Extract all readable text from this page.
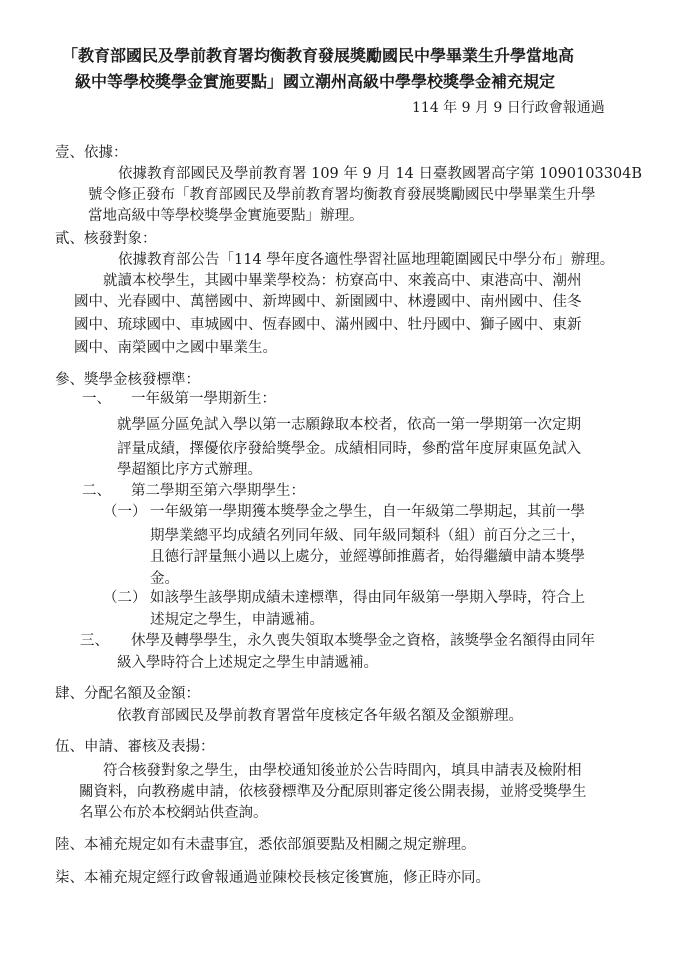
「教育部國民及學前教育署均衡教育發展獎勵國民中學畢業生升學當地高
級中等學校獎學金實施要點」國立潮州高級中學學校獎學金補充規定
114 年 9 月 9 日行政會報通過
壹、依據：
依據教育部國民及學前教育署 109 年 9 月 14 日臺教國署高字第 1090103304B
號令修正發布「教育部國民及學前教育署均衡教育發展獎勵國民中學畢業生升學
當地高級中等學校獎學金實施要點」辦理。
貳、核發對象：
依據教育部公告「114 學年度各適性學習社區地理範圍國民中學分布」辦理。
就讀本校學生，其國中畢業學校為：枋寮高中、來義高中、東港高中、潮州
國中、光春國中、萬巒國中、新埤國中、新園國中、林邊國中、南州國中、佳冬
國中、琉球國中、車城國中、恆春國中、滿州國中、牡丹國中、獅子國中、東新
國中、南榮國中之國中畢業生。
參、獎學金核發標準：
一、 一年級第一學期新生：
就學區分區免試入學以第一志願錄取本校者，依高一第一學期第一次定期
評量成績，擇優依序發給獎學金。成績相同時，參酌當年度屏東區免試入
學超額比序方式辦理。
二、 第二學期至第六學期學生：
（一） 一年級第一學期獲本獎學金之學生，自一年級第二學期起，其前一學
期學業總平均成績名列同年級、同年級同類科（組）前百分之三十，
且德行評量無小過以上處分，並經導師推薦者，始得繼續申請本獎學
金。
（二） 如該學生該學期成績未達標準，得由同年級第一學期入學時，符合上
述規定之學生，申請遞補。
三、 休學及轉學學生，永久喪失領取本獎學金之資格，該獎學金名額得由同年
級入學時符合上述規定之學生申請遞補。
肆、分配名額及金額：
依教育部國民及學前教育署當年度核定各年級名額及金額辦理。
伍、申請、審核及表揚：
符合核發對象之學生，由學校通知後並於公告時間內，填具申請表及檢附相
關資料，向教務處申請，依核發標準及分配原則審定後公開表揚，並將受獎學生
名單公布於本校網站供查詢。
陸、本補充規定如有未盡事宜，悉依部頒要點及相關之規定辦理。
柒、本補充規定經行政會報通過並陳校長核定後實施，修正時亦同。
